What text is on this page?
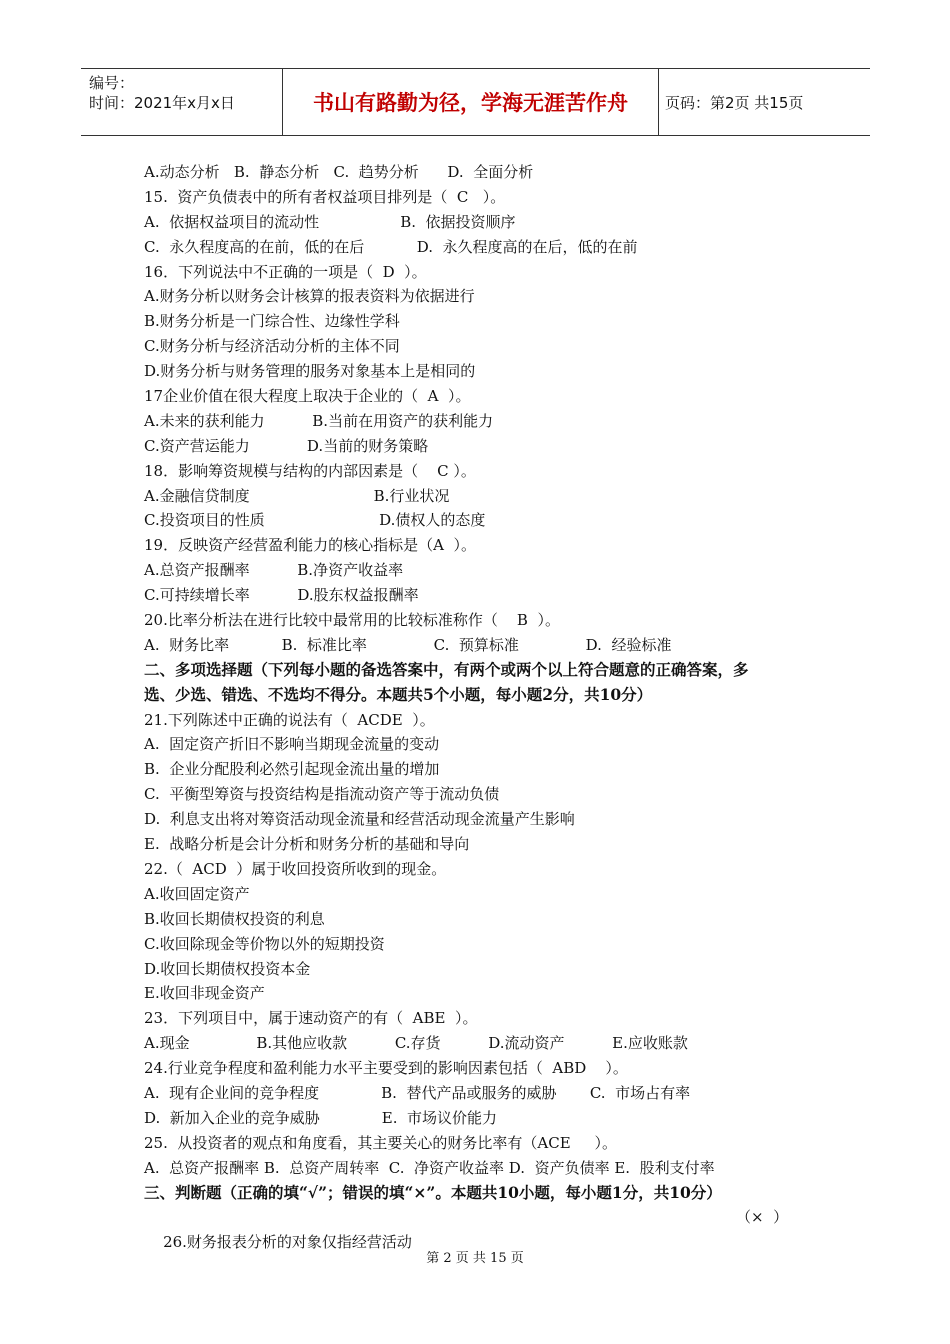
编号：
时间：2021年x月x日	书山有路勤为径，学海无涯苦作舟	页码：第2页 共15页
A.动态分析   B.  静态分析   C.  趋势分析      D.  全面分析
15.  资产负债表中的所有者权益项目排列是（  C   ）。
A.  依据权益项目的流动性                 B.  依据投资顺序
C.  永久程度高的在前，低的在后           D.  永久程度高的在后，低的在前
16．下列说法中不正确的一项是（  D  ）。
A.财务分析以财务会计核算的报表资料为依据进行
B.财务分析是一门综合性、边缘性学科
C.财务分析与经济活动分析的主体不同
D.财务分析与财务管理的服务对象基本上是相同的
17企业价值在很大程度上取决于企业的（  A  ）。
A.未来的获利能力          B.当前在用资产的获利能力
C.资产营运能力            D.当前的财务策略
18．影响筹资规模与结构的内部因素是（    C ）。
A.金融信贷制度                          B.行业状况
C.投资项目的性质                        D.债权人的态度
19．反映资产经营盈利能力的核心指标是（A  ）。
A.总资产报酬率          B.净资产收益率
C.可持续增长率          D.股东权益报酬率
20.比率分析法在进行比较中最常用的比较标准称作（    B  ）。
A.  财务比率           B.  标准比率              C.  预算标准              D.  经验标准
二、多项选择题（下列每小题的备选答案中，有两个或两个以上符合题意的正确答案，多
选、少选、错选、不选均不得分。本题共5个小题，每小题2分，共10分）
21.下列陈述中正确的说法有（  ACDE  ）。
A.  固定资产折旧不影响当期现金流量的变动
B.  企业分配股利必然引起现金流出量的增加
C.  平衡型筹资与投资结构是指流动资产等于流动负债
D.  利息支出将对筹资活动现金流量和经营活动现金流量产生影响
E.  战略分析是会计分析和财务分析的基础和导向
22.（  ACD  ）属于收回投资所收到的现金。
A.收回固定资产
B.收回长期债权投资的利息
C.收回除现金等价物以外的短期投资
D.收回长期债权投资本金
E.收回非现金资产
23．下列项目中，属于速动资产的有（  ABE  ）。
A.现金              B.其他应收款          C.存货          D.流动资产          E.应收账款
24.行业竞争程度和盈利能力水平主要受到的影响因素包括（  ABD    ）。
A.  现有企业间的竞争程度             B.  替代产品或服务的威胁       C.  市场占有率
D.  新加入企业的竞争威胁             E.  市场议价能力
25.  从投资者的观点和角度看，其主要关心的财务比率有（ACE     ）。
A.  总资产报酬率 B.  总资产周转率  C.  净资产收益率 D.  资产负债率 E.  股利支付率
三、判断题（正确的填“√”；错误的填“×”。本题共10小题，每小题1分，共10分）

26.财务报表分析的对象仅指经营活动

（×  ）

第 2 页 共 15 页
